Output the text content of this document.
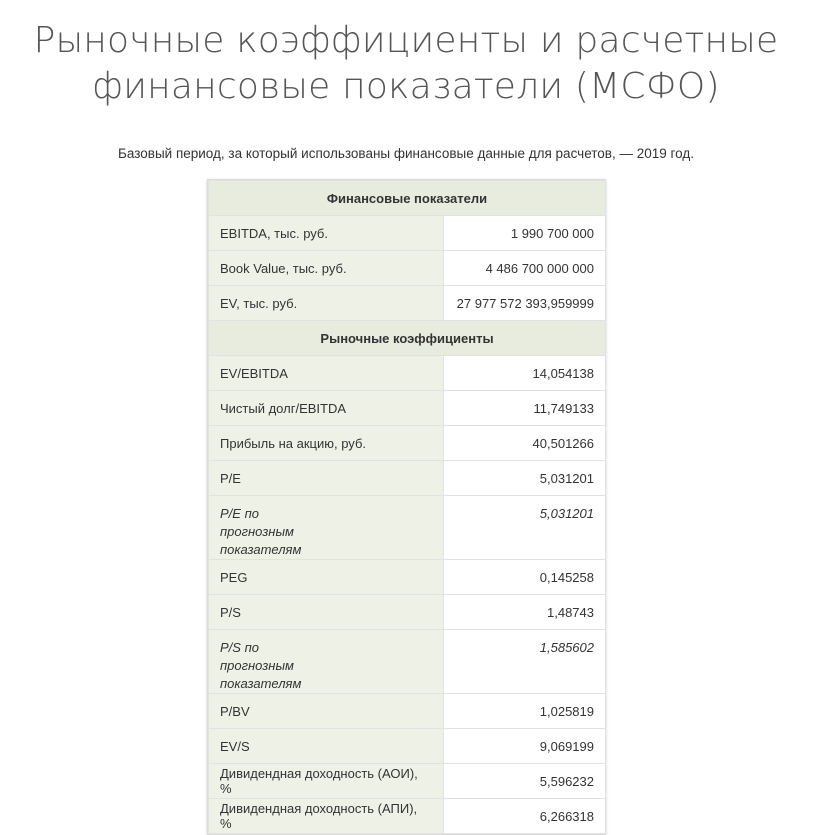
Рыночные коэффициенты и расчетные финансовые показатели (МСФО)

Базовый период, за который использованы финансовые данные для расчетов, — 2019 год.

Финансовые показатели	
EBITDA, тыс. руб.	1 990 700 000
Book Value, тыс. руб.	4 486 700 000 000
EV, тыс. руб.	27 977 572 393,959999
Рыночные коэффициенты	
EV/EBITDA	14,054138
Чистый долг/EBITDA	11,749133
Прибыль на акцию, руб.	40,501266
P/E	5,031201

P/E по прогнозным показателям	5,031201

PEG	0,145258
P/S	1,48743

P/S по прогнозным показателям	1,585602

P/BV	1,025819
EV/S	9,069199
Дивидендная доходность (АОИ), %	5,596232
Дивидендная доходность (АПИ), %	6,266318
